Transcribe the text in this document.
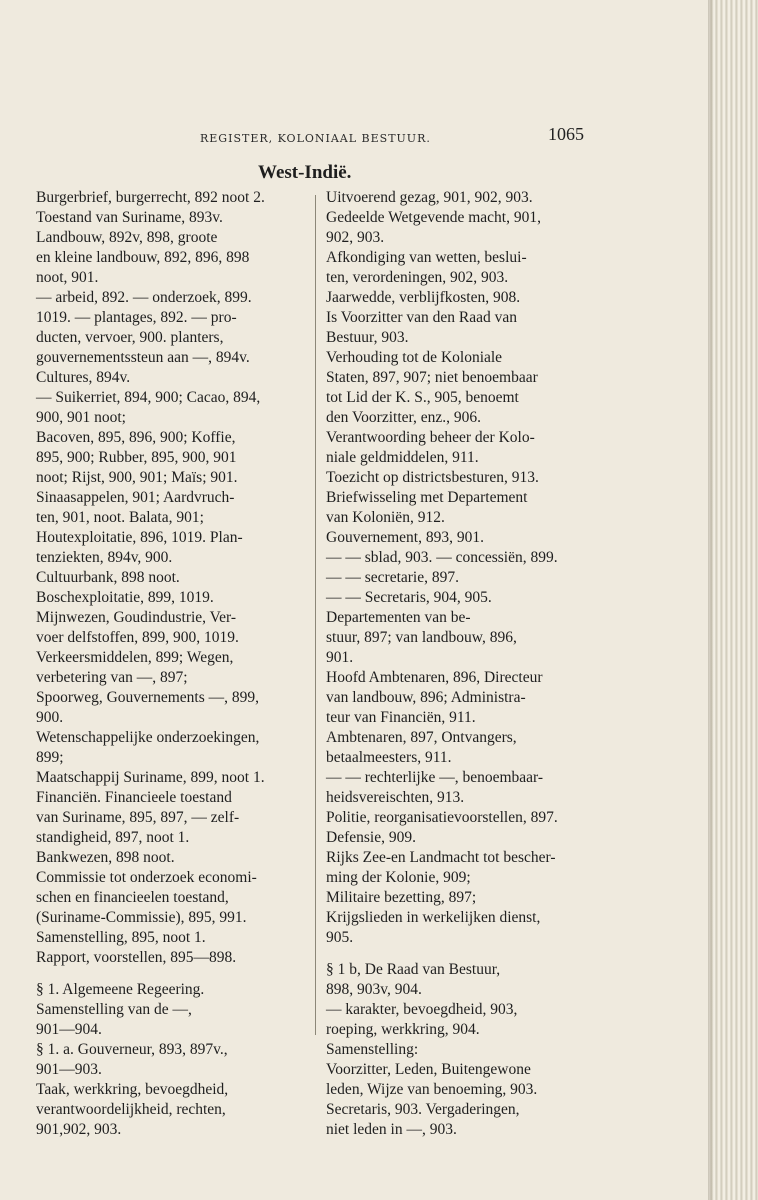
REGISTER, KOLONIAAL BESTUUR.	1065
West-Indië.
Burgerbrief, burgerrecht, 892 noot 2.
Toestand van Suriname, 893v.
Landbouw, 892v, 898, groote
en kleine landbouw, 892, 896, 898
noot, 901.
— arbeid, 892. — onderzoek, 899.
1019. — plantages, 892. — pro-
ducten, vervoer, 900. planters,
gouvernementssteun aan —, 894v.
Cultures, 894v.
— Suikerriet, 894, 900; Cacao, 894,
900, 901 noot;
Bacoven, 895, 896, 900; Koffie,
895, 900; Rubber, 895, 900, 901
noot; Rijst, 900, 901; Maïs; 901.
Sinaasappelen, 901; Aardvruch-
ten, 901, noot. Balata, 901;
Houtexploitatie, 896, 1019. Plan-
tenziekten, 894v, 900.
Cultuurbank, 898 noot.
Boschexploitatie, 899, 1019.
Mijnwezen, Goudindustrie, Ver-
voer delfstoffen, 899, 900, 1019.
Verkeersmiddelen, 899; Wegen,
verbetering van —, 897;
Spoorweg, Gouvernements —, 899,
900.
Wetenschappelijke onderzoekingen,
899;
Maatschappij Suriname, 899, noot 1.
Financiën. Financieele toestand
van Suriname, 895, 897, — zelf-
standigheid, 897, noot 1.
Bankwezen, 898 noot.
Commissie tot onderzoek economi-
schen en financieelen toestand,
(Suriname-Commissie), 895, 991.
Samenstelling, 895, noot 1.
Rapport, voorstellen, 895—898.
§ 1. Algemeene Regeering.
Samenstelling van de —,
901—904.
§ 1. a. Gouverneur, 893, 897v.,
901—903.
Taak, werkkring, bevoegdheid,
verantwoordelijkheid, rechten,
901,902, 903.
Uitvoerend gezag, 901, 902, 903.
Gedeelde Wetgevende macht, 901,
902, 903.
Afkondiging van wetten, beslui-
ten, verordeningen, 902, 903.
Jaarwedde, verblijfkosten, 908.
Is Voorzitter van den Raad van
Bestuur, 903.
Verhouding tot de Koloniale
Staten, 897, 907; niet benoembaar
tot Lid der K. S., 905, benoemt
den Voorzitter, enz., 906.
Verantwoording beheer der Kolo-
niale geldmiddelen, 911.
Toezicht op districtsbesturen, 913.
Briefwisseling met Departement
van Koloniën, 912.
Gouvernement, 893, 901.
— — sblad, 903. — concessiën, 899.
— — secretarie, 897.
— — Secretaris, 904, 905.
Departementen van be-
stuur, 897; van landbouw, 896,
901.
Hoofd Ambtenaren, 896, Directeur
van landbouw, 896; Administra-
teur van Financiën, 911.
Ambtenaren, 897, Ontvangers,
betaalmeesters, 911.
— — rechterlijke —, benoembaar-
heidsvereischten, 913.
Politie, reorganisatievoorstellen, 897.
Defensie, 909.
Rijks Zee-en Landmacht tot bescher-
ming der Kolonie, 909;
Militaire bezetting, 897;
Krijgslieden in werkelijken dienst,
905.
§ 1 b, De Raad van Bestuur,
898, 903v, 904.
— karakter, bevoegdheid, 903,
roeping, werkkring, 904.
Samenstelling:
Voorzitter, Leden, Buitengewone
leden, Wijze van benoeming, 903.
Secretaris, 903. Vergaderingen,
niet leden in —, 903.
